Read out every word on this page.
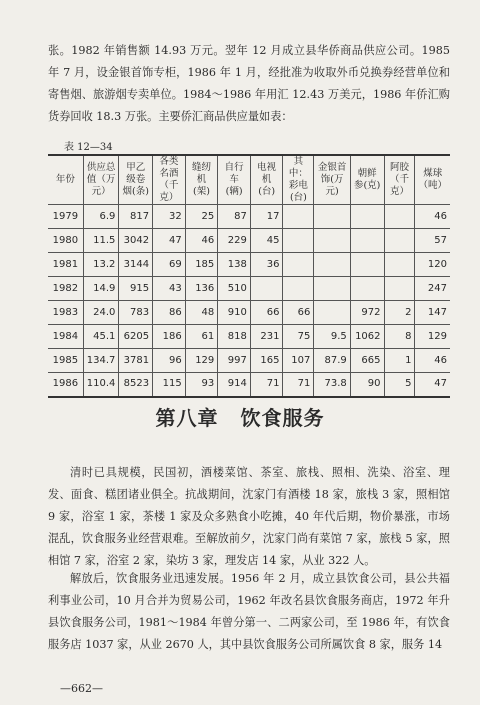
张。1982 年销售额 14.93 万元。翌年 12 月成立县华侨商品供应公司。1985 年 7 月，设金银首饰专柜，1986 年 1 月，经批准为收取外币兑换券经营单位和寄售烟、旅游烟专卖单位。1984～1986 年用汇 12.43 万美元，1986 年侨汇购货券回收 18.3 万张。主要侨汇商品供应量如表：

表 12—34
年份	供应总值（万元）	甲乙级卷烟(条)	各类名酒（千克）	缝纫机(架)	自行车(辆)	电视机(台)	其中：彩电(台)	金银首饰(万元)	朝鲜参(克)	阿胶（千克）	煤球（吨）
1979	6.9	817	32	25	87	17					46
1980	11.5	3042	47	46	229	45					57
1981	13.2	3144	69	185	138	36					120
1982	14.9	915	43	136	510						247
1983	24.0	783	86	48	910	66	66		972	2	147
1984	45.1	6205	186	61	818	231	75	9.5	1062	8	129
1985	134.7	3781	96	129	997	165	107	87.9	665	1	46
1986	110.4	8523	115	93	914	71	71	73.8	90	5	47
第八章 饮食服务

清时已具规模，民国初，酒楼菜馆、茶室、旅栈、照相、洗染、浴室、理发、面食、糕团诸业俱全。抗战期间，沈家门有酒楼 18 家，旅栈 3 家，照相馆 9 家，浴室 1 家，茶楼 1 家及众多熟食小吃摊，40 年代后期，物价暴涨，市场混乱，饮食服务业经营艰难。至解放前夕，沈家门尚有菜馆 7 家，旅栈 5 家，照相馆 7 家，浴室 2 家，染坊 3 家，理发店 14 家，从业 322 人。

解放后，饮食服务业迅速发展。1956 年 2 月，成立县饮食公司，县公共福利事业公司，10 月合并为贸易公司，1962 年改名县饮食服务商店，1972 年升县饮食服务公司，1981～1984 年曾分第一、二两家公司，至 1986 年，有饮食服务店 1037 家，从业 2670 人，其中县饮食服务公司所属饮食 8 家，服务 14

—662—
